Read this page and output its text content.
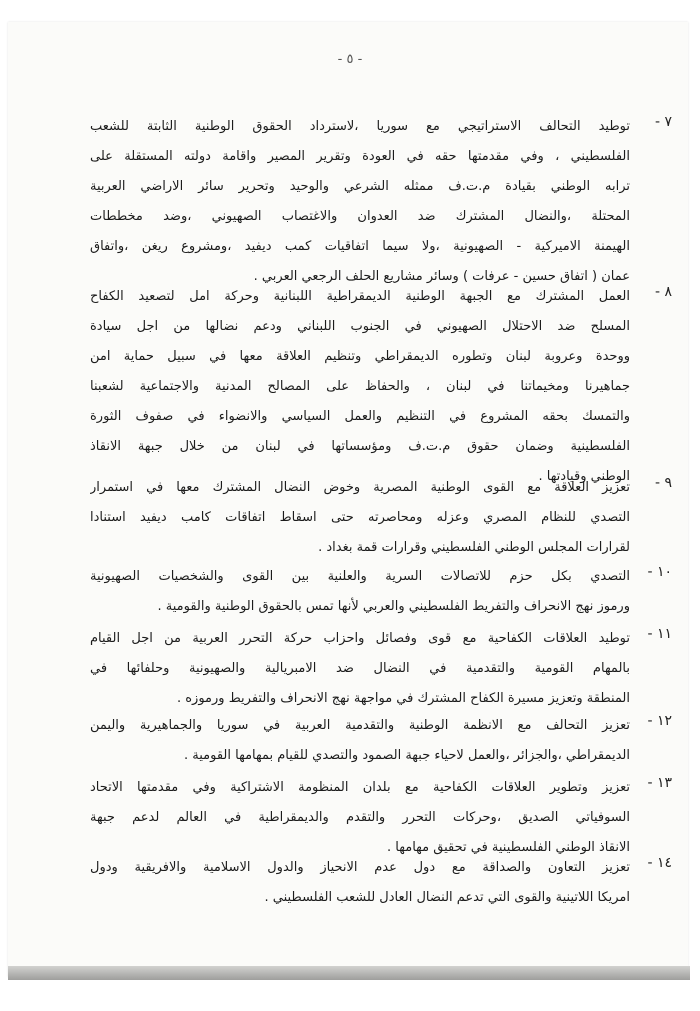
- ٥ -
٧ -
توطيد التحالف الاستراتيجي مع سوريا ،لاسترداد الحقوق الوطنية الثابتة للشعب
الفلسطيني ، وفي مقدمتها حقه في العودة وتقرير المصير واقامة دولته المستقلة على
ترابه الوطني بقيادة م.ت.ف ممثله الشرعي والوحيد وتحرير سائر الاراضي العربية
المحتلة ،والنضال المشترك ضد العدوان والاغتصاب الصهيوني ،وضد مخططات
الهيمنة الاميركية - الصهيونية ،ولا سيما اتفاقيات كمب ديفيد ،ومشروع ريغن ،واتفاق
عمان ( اتفاق حسين - عرفات ) وسائر مشاريع الحلف الرجعي العربي .
٨ -
العمل المشترك مع الجبهة الوطنية الديمقراطية اللبنانية وحركة امل لتصعيد الكفاح
المسلح ضد الاحتلال الصهيوني في الجنوب اللبناني ودعم نضالها من اجل سيادة
ووحدة وعروبة لبنان وتطوره الديمقراطي وتنظيم العلاقة معها في سبيل حماية امن
جماهيرنا ومخيماتنا في لبنان ، والحفاظ على المصالح المدنية والاجتماعية لشعبنا
والتمسك بحقه المشروع في التنظيم والعمل السياسي والانضواء في صفوف الثورة
الفلسطينية وضمان حقوق م.ت.ف ومؤسساتها في لبنان من خلال جبهة الانقاذ
الوطني وقيادتها .	٩ -
تعزيز العلاقة مع القوى الوطنية المصرية وخوض النضال المشترك معها في استمرار
التصدي للنظام المصري وعزله ومحاصرته حتى اسقاط اتفاقات كامب ديفيد استنادا
لقرارات المجلس الوطني الفلسطيني وقرارات قمة بغداد .
١٠ -
التصدي بكل حزم للاتصالات السرية والعلنية بين القوى والشخصيات الصهيونية
ورموز نهج الانحراف والتفريط الفلسطيني والعربي لأنها تمس بالحقوق الوطنية والقومية .
١١ -
توطيد العلاقات الكفاحية مع قوى وفصائل واحزاب حركة التحرر العربية من اجل القيام
بالمهام القومية والتقدمية في النضال ضد الامبريالية والصهيونية وحلفائها في
المنطقة وتعزيز مسيرة الكفاح المشترك في مواجهة نهج الانحراف والتفريط ورموزه .
١٢ -
تعزيز التحالف مع الانظمة الوطنية والتقدمية العربية في سوريا والجماهيرية واليمن
الديمقراطي ،والجزائر ،والعمل لاحياء جبهة الصمود والتصدي للقيام بمهامها القومية .
١٣ -
تعزيز وتطوير العلاقات الكفاحية مع بلدان المنظومة الاشتراكية وفي مقدمتها الاتحاد
السوفياتي الصديق ،وحركات التحرر والتقدم والديمقراطية في العالم لدعم جبهة
الانقاذ الوطني الفلسطينية في تحقيق مهامها .
١٤ -
تعزيز التعاون والصداقة مع دول عدم الانحياز والدول الاسلامية والافريقية ودول
امريكا اللاتينية والقوى التي تدعم النضال العادل للشعب الفلسطيني .
